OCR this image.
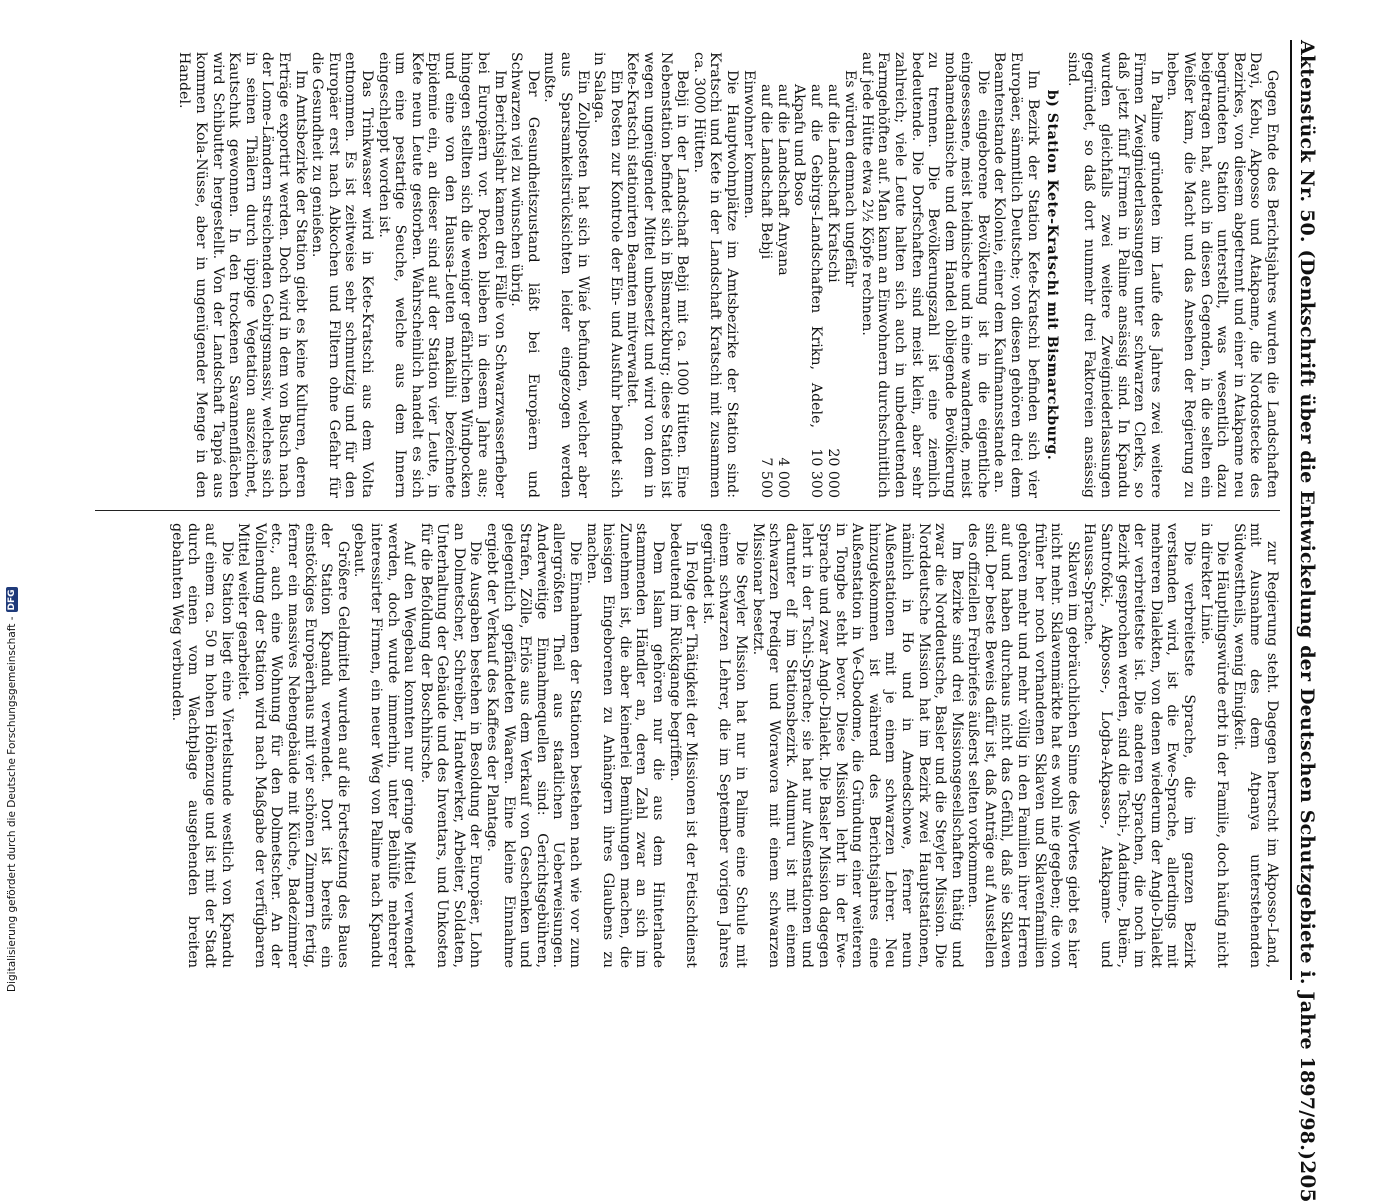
Aktenstück Nr. 50. (Denkschrift über die Entwickelung der Deutschen Schutzgebiete i. Jahre 1897/98.)
205

Gegen Ende des Berichtsjahres wurden die Landschaften Dayi, Kebu, Akposso und Atakpame, die Nordostecke des Bezirkes, von diesem abgetrennt und einer in Atakpame neu begründeten Station unterstellt, was wesentlich dazu beigetragen hat, auch in diesen Gegenden, in die selten ein Weißer kam, die Macht und das Ansehen der Regierung zu heben.

In Palime gründeten im Laufe des Jahres zwei weitere Firmen Zweigniederlassungen unter schwarzen Clerks, so daß jetzt fünf Firmen in Palime ansässig sind. In Kpandu wurden gleichfalls zwei weitere Zweigniederlassungen gegründet, so daß dort nunmehr drei Faktoreien ansässig sind.

b) Station Kete-Kratschi mit Bismarckburg.

Im Bezirk der Station Kete-Kratschi befinden sich vier Europäer, sämmtlich Deutsche; von diesen gehören drei dem Beamtenstande der Kolonie, einer dem Kaufmannsstande an.

Die eingeborene Bevölkerung ist in die eigentliche eingesessene, meist heidnische und in eine wandernde, meist mohamedanische und dem Handel obliegende Bevölkerung zu trennen. Die Bevölkerungszahl ist eine ziemlich bedeutende. Die Dorfschaften sind meist klein, aber sehr zahlreich; viele Leute halten sich auch in unbedeutenden Farmgehöften auf. Man kann an Einwohnern durchschnittlich auf jede Hütte etwa 2½ Köpfe rechnen.

Es würden demnach ungefähr

auf die Landschaft Kratschi	20 000
auf die Gebirgs-Landschaften Krikn, Adele, Akpafu und Boso	10 300
auf die Landschaft Anyana	4 000
auf die Landschaft Bebji	7 500

Einwohner kommen.

Die Hauptwohnplätze im Amtsbezirke der Station sind: Kratschi und Kete in der Landschaft Kratschi mit zusammen ca. 3000 Hütten.

Bebji in der Landschaft Bebji mit ca. 1000 Hütten. Eine Nebenstation befindet sich in Bismarckburg; diese Station ist wegen ungenügender Mittel unbesetzt und wird von dem in Kete-Kratschi stationirten Beamten mitverwaltet.

Ein Posten zur Kontrole der Ein- und Ausfuhr befindet sich in Salaga.

Ein Zollposten hat sich in Wiaé befunden, welcher aber aus Sparsamkeitsrücksichten leider eingezogen werden mußte.

Der Gesundheitszustand läßt bei Europäern und Schwarzen viel zu wünschen übrig.

Im Berichtsjahr kamen drei Fälle von Schwarzwasserfieber bei Europäern vor. Pocken blieben in diesem Jahre aus; hingegen stellten sich die weniger gefährlichen Windpocken und eine von den Haussa-Leuten makalihi bezeichnete Epidemie ein, an dieser sind auf der Station vier Leute, in Kete neun Leute gestorben. Wahrscheinlich handelt es sich um eine pestartige Seuche, welche aus dem Innern eingeschleppt worden ist.

Das Trinkwasser wird in Kete-Kratschi aus dem Volta entnommen. Es ist zeitweise sehr schmutzig und für den Europäer erst nach Abkochen und Filtern ohne Gefahr für die Gesundheit zu genießen.

Im Amtsbezirke der Station giebt es keine Kulturen, deren Erträge exportirt werden. Doch wird in dem von Busch nach der Lome-Lämdern streichenden Gebirgsmassiv, welches sich in seinen Thälern durch üppige Vegetation auszeichnet, Kautschuk gewonnen. In den trockenen Savannenflächen wird Schibutter hergestellt. Von der Landschaft Tappá aus kommen Kola-Nüsse, aber in ungenügender Menge in den Handel.

zur Regierung steht. Dagegen herrscht im Akposso-Land, mit Ausnahme des dem Atpanya unterstehenden Südwesttheils, wenig Einigkeit.

Die Häuptlingswürde erbt in der Familie, doch häufig nicht in direkter Linie.

Die verbreitetste Sprache, die im ganzen Bezirk verstanden wird, ist die Ewe-Sprache, allerdings mit mehreren Dialekten, von denen wiederum der Anglo-Dialekt der verbreitetste ist. Die anderen Sprachen, die noch im Bezirk gesprochen werden, sind die Tschi-, Adatime-, Buëm-, Santrofoki-, Akposso-, Logba-Akpasso-, Atakpame- und Haussa-Sprache.

Sklaven im gebräuchlichen Sinne des Wortes giebt es hier nicht mehr. Sklavenmärkte hat es wohl nie gegeben; die von früher her noch vorhandenen Sklaven und Sklavenfamilien gehören mehr und mehr völlig in den Familien ihrer Herren auf und haben durchaus nicht das Gefühl, daß sie Sklaven sind. Der beste Beweis dafür ist, daß Anträge auf Ausstellen des offiziellen Freibriefes äußerst selten vorkommen.

Im Bezirke sind drei Missionsgesellschaften thätig und zwar die Norddeutsche, Basler und die Steyler Mission. Die Norddeutsche Mission hat im Bezirk zwei Hauptstationen, nämlich in Ho und in Amedschowe, ferner neun Außenstationen mit je einem schwarzen Lehrer. Neu hinzugekommen ist während des Berichtsjahres eine Außenstation in Ve-Gbodome, die Gründung einer weiteren in Tongbe steht bevor. Diese Mission lehrt in der Ewe-Sprache und zwar Anglo-Dialekt. Die Basler Mission dagegen lehrt in der Tschi-Sprache; sie hat nur Außenstationen und darunter elf im Stationsbezirk. Adumuru ist mit einem schwarzen Prediger und Worawora mit einem schwarzen Missionar besetzt.

Die Steyler Mission hat nur in Palime eine Schule mit einem schwarzen Lehrer, die im September vorigen Jahres gegründet ist.

In Folge der Thätigkeit der Missionen ist der Fetischdienst bedeutend im Rückgange begriffen.

Dem Islam gehören nur die aus dem Hinterlande stammenden Händler an, deren Zahl zwar an sich im Zunehmen ist, die aber keinerlei Bemühungen machen, die hiesigen Eingeborenen zu Anhängern ihres Glaubens zu machen.

Die Einnahmen der Stationen bestehen nach wie vor zum allergrößten Theil aus staatlichen Ueberweisungen. Anderweitige Einnahmequellen sind: Gerichtsgebühren, Strafen, Zölle, Erlös aus dem Verkauf von Geschenken und gelegentlich gepfändeten Waaren. Eine kleine Einnahme ergiebt der Verkauf des Kaffees der Plantage.

Die Ausgaben bestehen in Besoldung der Europäer, Lohn an Dolmetscher, Schreiber, Handwerker, Arbeiter, Soldaten, Unterhaltung der Gebäude und des Inventars, und Unkosten für die Befoldung der Boschhirsche.

Auf den Wegebau konnten nur geringe Mittel verwendet werden, doch wurde immerhin, unter Beihülfe mehrerer interessirter Firmen, ein neuer Weg von Palime nach Kpandu gebaut.

Größere Geldmittel wurden auf die Fortsetzung des Baues der Station Kpandu verwendet. Dort ist bereits ein einstöckiges Europäerhaus mit vier schönen Zimmern fertig, ferner ein massives Nebengebäude mit Küche, Badezimmer etc., auch eine Wohnung für den Dolmetscher. An der Vollendung der Station wird nach Maßgabe der verfügbaren Mittel weiter gearbeitet.

Die Station liegt eine Viertelstunde westlich von Kpandu auf einem ca. 50 m hohen Höhenzuge und ist mit der Stadt durch einen vom Wachtplage ausgehenden breiten gebahnten Weg verbunden.

Digitalisierung gefördert durch die Deutsche Forschungsgemeinschaft -
DFG
